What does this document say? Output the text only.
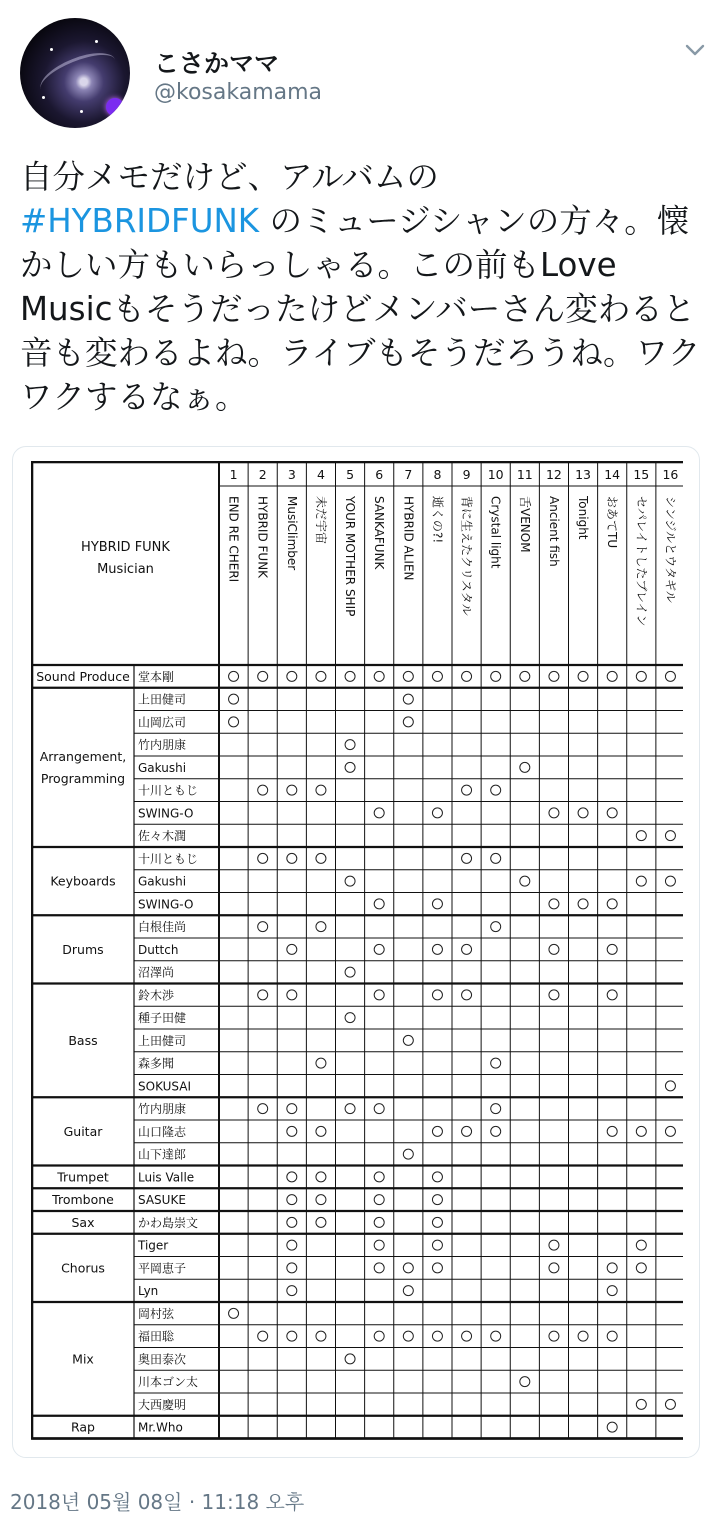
こさかママ
@kosakamama

自分メモだけど、アルバムの
#HYBRIDFUNK のミュージシャンの方々。懐かしい方もいらっしゃる。この前もLove Musicもそうだったけどメンバーさん変わると音も変わるよね。ライブもそうだろうね。ワクワクするなぁ。

堂本剛
Sound Produce
上田健司
山岡広司
竹内朋康
Gakushi
十川ともじ
SWING-O
佐々木潤
Arrangement,
Programming
十川ともじ
Gakushi
SWING-O
Keyboards
白根佳尚
Duttch
沼澤尚
Drums
鈴木渉
種子田健
上田健司
森多聞
SOKUSAI
Bass
竹内朋康
山口隆志
山下達郎
Guitar
Luis Valle
Trumpet
SASUKE
Trombone
かわ島崇文
Sax
Tiger
平岡恵子
Lyn
Chorus
岡村弦
福田聡
奥田泰次
川本ゴン太
大西慶明
Mix
Mr.Who
Rap
HYBRID FUNK
Musician
1
END RE CHERI
2
HYBRID FUNK
3
MusiClimber
4
未だ宇宙
5
YOUR MOTHER SHIP
6
SANKAFUNK
7
HYBRID ALIEN
8
逝くの?!
9
背に生えたクリスタル
10
Crystal light
11
舌VENOM
12
Ancient fish
13
Tonight
14
おあてTU
15
セパレイトしたブレイン
16
シンジルとウタギル
2018년 05월 08일 · 11:18 오후
